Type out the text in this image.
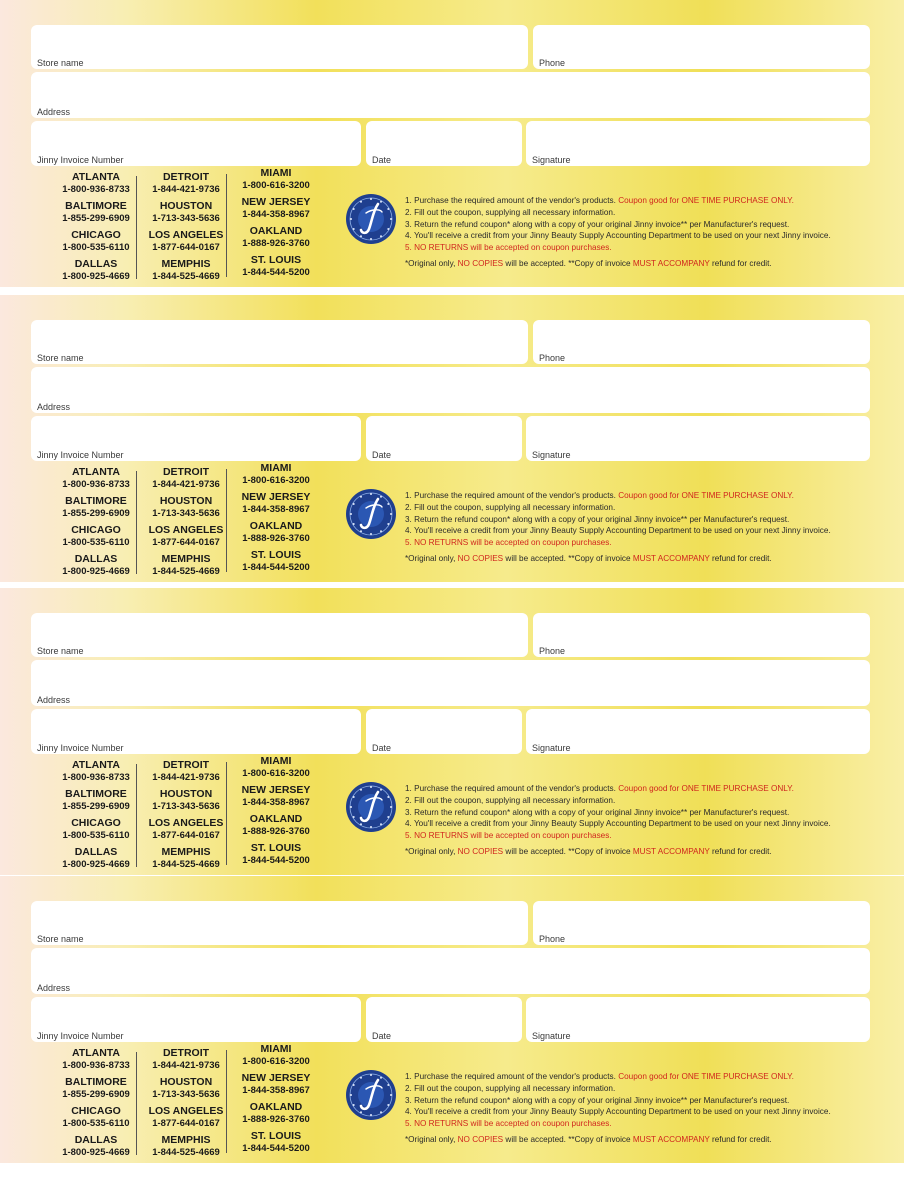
Store name	Phone
Address
Jinny Invoice Number	Date	Signature
ATLANTA
1-800-936-8733
BALTIMORE
1-855-299-6909
CHICAGO
1-800-535-6110
DALLAS
1-800-925-4669
DETROIT
1-844-421-9736
HOUSTON
1-713-343-5636
LOS ANGELES
1-877-644-0167
MEMPHIS
1-844-525-4669
MIAMI
1-800-616-3200
NEW JERSEY
1-844-358-8967
OAKLAND
1-888-926-3760
ST. LOUIS
1-844-544-5200
1. Purchase the required amount of the vendor's products. Coupon good for ONE TIME PURCHASE ONLY.
2. Fill out the coupon, supplying all necessary information.
3. Return the refund coupon* along with a copy of your original Jinny invoice** per Manufacturer's request.
4. You'll receive a credit from your Jinny Beauty Supply Accounting Department to be used on your next Jinny invoice.
5. NO RETURNS will be accepted on coupon purchases.
*Original only, NO COPIES will be accepted. **Copy of invoice MUST ACCOMPANY refund for credit.
Store name	Phone
Address
Jinny Invoice Number	Date	Signature
ATLANTA
1-800-936-8733
BALTIMORE
1-855-299-6909
CHICAGO
1-800-535-6110
DALLAS
1-800-925-4669
DETROIT
1-844-421-9736
HOUSTON
1-713-343-5636
LOS ANGELES
1-877-644-0167
MEMPHIS
1-844-525-4669
MIAMI
1-800-616-3200
NEW JERSEY
1-844-358-8967
OAKLAND
1-888-926-3760
ST. LOUIS
1-844-544-5200
1. Purchase the required amount of the vendor's products. Coupon good for ONE TIME PURCHASE ONLY.
2. Fill out the coupon, supplying all necessary information.
3. Return the refund coupon* along with a copy of your original Jinny invoice** per Manufacturer's request.
4. You'll receive a credit from your Jinny Beauty Supply Accounting Department to be used on your next Jinny invoice.
5. NO RETURNS will be accepted on coupon purchases.
*Original only, NO COPIES will be accepted. **Copy of invoice MUST ACCOMPANY refund for credit.
Store name	Phone
Address
Jinny Invoice Number	Date	Signature
ATLANTA
1-800-936-8733
BALTIMORE
1-855-299-6909
CHICAGO
1-800-535-6110
DALLAS
1-800-925-4669
DETROIT
1-844-421-9736
HOUSTON
1-713-343-5636
LOS ANGELES
1-877-644-0167
MEMPHIS
1-844-525-4669
MIAMI
1-800-616-3200
NEW JERSEY
1-844-358-8967
OAKLAND
1-888-926-3760
ST. LOUIS
1-844-544-5200
1. Purchase the required amount of the vendor's products. Coupon good for ONE TIME PURCHASE ONLY.
2. Fill out the coupon, supplying all necessary information.
3. Return the refund coupon* along with a copy of your original Jinny invoice** per Manufacturer's request.
4. You'll receive a credit from your Jinny Beauty Supply Accounting Department to be used on your next Jinny invoice.
5. NO RETURNS will be accepted on coupon purchases.
*Original only, NO COPIES will be accepted. **Copy of invoice MUST ACCOMPANY refund for credit.
Store name	Phone
Address
Jinny Invoice Number	Date	Signature
ATLANTA
1-800-936-8733
BALTIMORE
1-855-299-6909
CHICAGO
1-800-535-6110
DALLAS
1-800-925-4669
DETROIT
1-844-421-9736
HOUSTON
1-713-343-5636
LOS ANGELES
1-877-644-0167
MEMPHIS
1-844-525-4669
MIAMI
1-800-616-3200
NEW JERSEY
1-844-358-8967
OAKLAND
1-888-926-3760
ST. LOUIS
1-844-544-5200
1. Purchase the required amount of the vendor's products. Coupon good for ONE TIME PURCHASE ONLY.
2. Fill out the coupon, supplying all necessary information.
3. Return the refund coupon* along with a copy of your original Jinny invoice** per Manufacturer's request.
4. You'll receive a credit from your Jinny Beauty Supply Accounting Department to be used on your next Jinny invoice.
5. NO RETURNS will be accepted on coupon purchases.
*Original only, NO COPIES will be accepted. **Copy of invoice MUST ACCOMPANY refund for credit.
